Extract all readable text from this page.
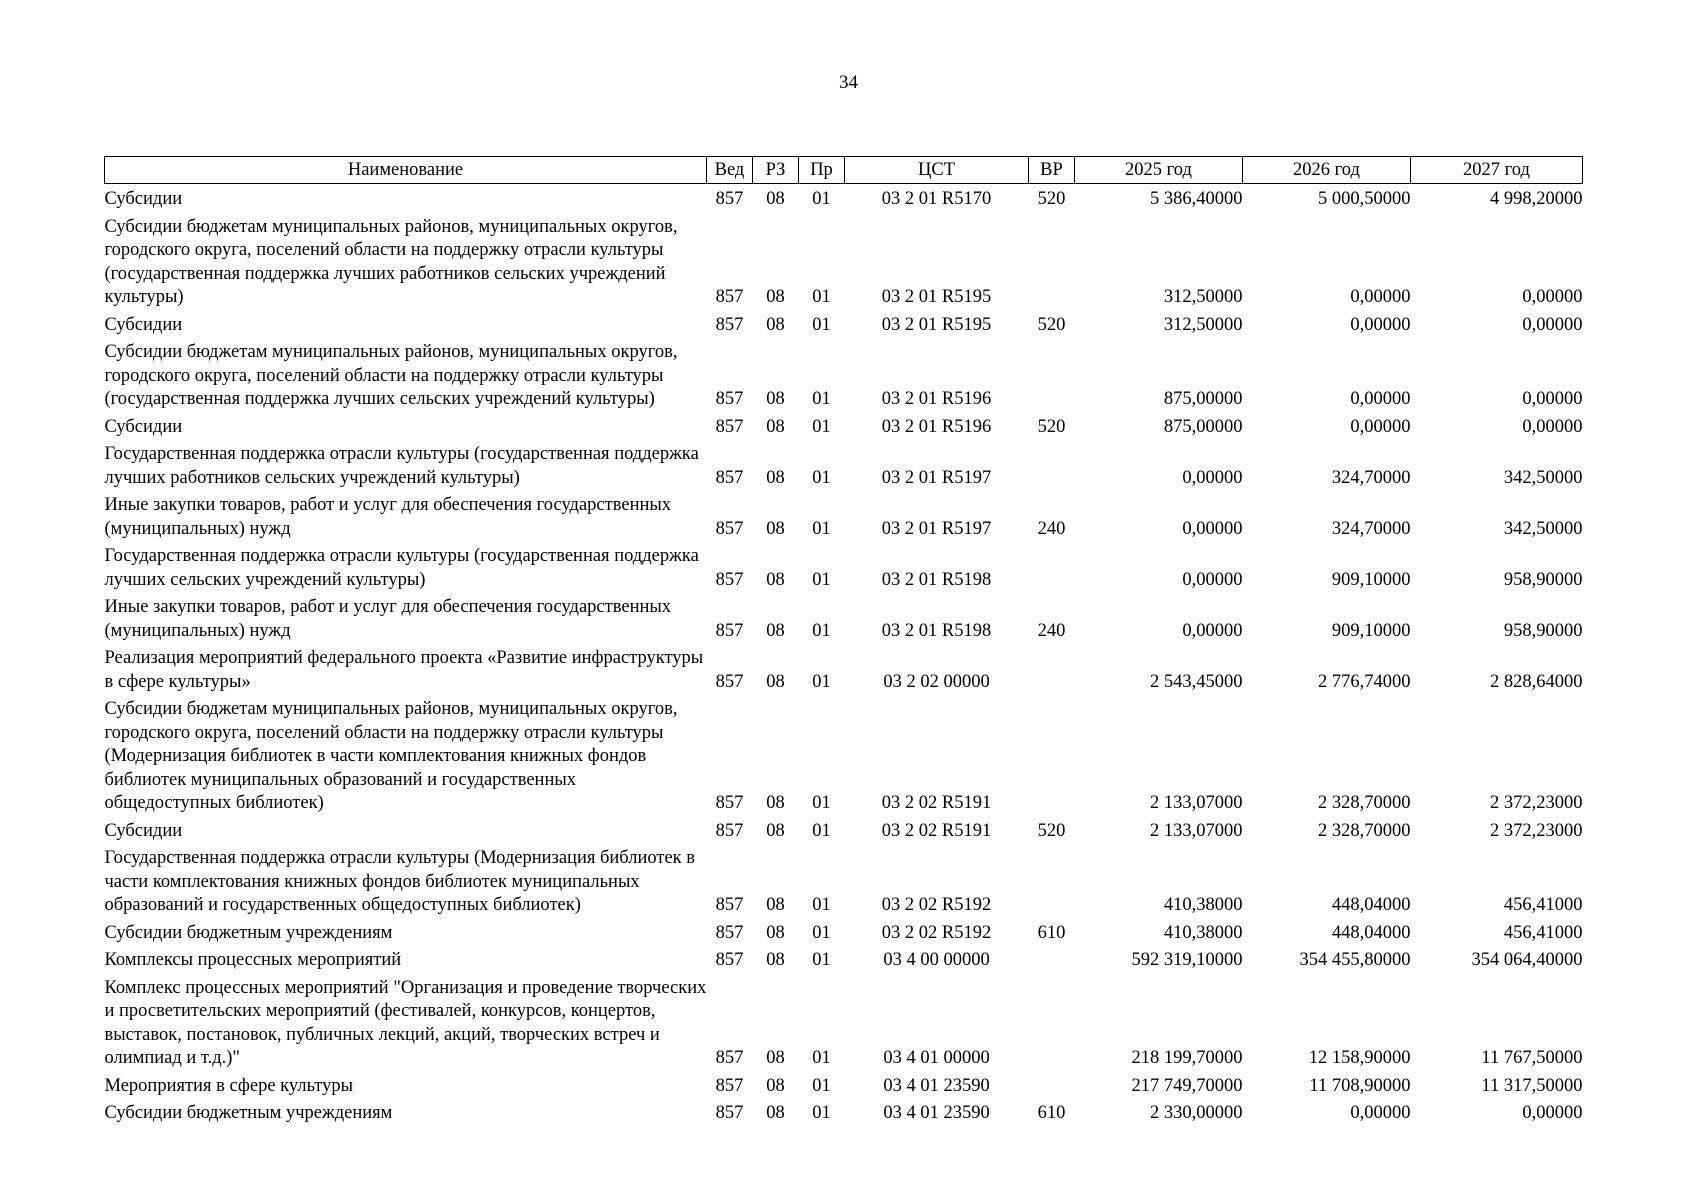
34
Наименование	Вед	РЗ	Пр	ЦСТ	ВР	2025 год	2026 год	2027 год
Субсидии	857	08	01	03 2 01 R5170	520	5 386,40000	5 000,50000	4 998,20000
Субсидии бюджетам муниципальных районов, муниципальных округов, городского округа, поселений области на поддержку отрасли культуры (государственная поддержка лучших работников сельских учреждений культуры)	857	08	01	03 2 01 R5195		312,50000	0,00000	0,00000
Субсидии	857	08	01	03 2 01 R5195	520	312,50000	0,00000	0,00000
Субсидии бюджетам муниципальных районов, муниципальных округов, городского округа, поселений области на поддержку отрасли культуры (государственная поддержка лучших сельских учреждений культуры)	857	08	01	03 2 01 R5196		875,00000	0,00000	0,00000
Субсидии	857	08	01	03 2 01 R5196	520	875,00000	0,00000	0,00000
Государственная поддержка отрасли культуры (государственная поддержка лучших работников сельских учреждений культуры)	857	08	01	03 2 01 R5197		0,00000	324,70000	342,50000
Иные закупки товаров, работ и услуг для обеспечения государственных (муниципальных) нужд	857	08	01	03 2 01 R5197	240	0,00000	324,70000	342,50000
Государственная поддержка отрасли культуры (государственная поддержка лучших сельских учреждений культуры)	857	08	01	03 2 01 R5198		0,00000	909,10000	958,90000
Иные закупки товаров, работ и услуг для обеспечения государственных (муниципальных) нужд	857	08	01	03 2 01 R5198	240	0,00000	909,10000	958,90000
Реализация мероприятий федерального проекта «Развитие инфраструктуры в сфере культуры»	857	08	01	03 2 02 00000		2 543,45000	2 776,74000	2 828,64000
Субсидии бюджетам муниципальных районов, муниципальных округов, городского округа, поселений области на поддержку отрасли культуры (Модернизация библиотек в части комплектования книжных фондов библиотек муниципальных образований и государственных общедоступных библиотек)	857	08	01	03 2 02 R5191		2 133,07000	2 328,70000	2 372,23000
Субсидии	857	08	01	03 2 02 R5191	520	2 133,07000	2 328,70000	2 372,23000
Государственная поддержка отрасли культуры (Модернизация библиотек в части комплектования книжных фондов библиотек муниципальных образований и государственных общедоступных библиотек)	857	08	01	03 2 02 R5192		410,38000	448,04000	456,41000
Субсидии бюджетным учреждениям	857	08	01	03 2 02 R5192	610	410,38000	448,04000	456,41000
Комплексы процессных мероприятий	857	08	01	03 4 00 00000		592 319,10000	354 455,80000	354 064,40000
Комплекс процессных мероприятий "Организация и проведение творческих и просветительских мероприятий (фестивалей, конкурсов, концертов, выставок, постановок, публичных лекций, акций, творческих встреч и олимпиад и т.д.)"	857	08	01	03 4 01 00000		218 199,70000	12 158,90000	11 767,50000
Мероприятия в сфере культуры	857	08	01	03 4 01 23590		217 749,70000	11 708,90000	11 317,50000
Субсидии бюджетным учреждениям	857	08	01	03 4 01 23590	610	2 330,00000	0,00000	0,00000
